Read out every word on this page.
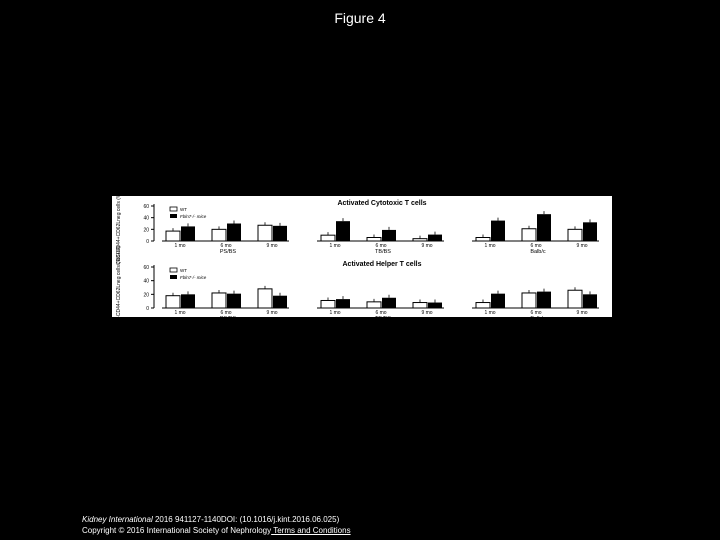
Figure 4
Activated Cytotoxic T cells
CD8+CD44+CD62Lneg cells (%CD8)	0
20
40
60	WT
Fbln7-/- mice
1 mo	6 mo	9 mo
PS/BS
1 mo	6 mo	9 mo
TB/BS
1 mo	6 mo	9 mo
Balb/c
Activated Helper T cells
CD4+CD44+CD62Lneg cells (%CD4)	0
20
40
60	WT
Fbln7-/- mice
1 mo	6 mo	9 mo
PS/BS
1 mo	6 mo	9 mo
TB/BS
1 mo	6 mo	9 mo
Balb/c
Kidney International 2016 941127-1140DOI: (10.1016/j.kint.2016.06.025)
Copyright © 2016 International Society of Nephrology Terms and Conditions
